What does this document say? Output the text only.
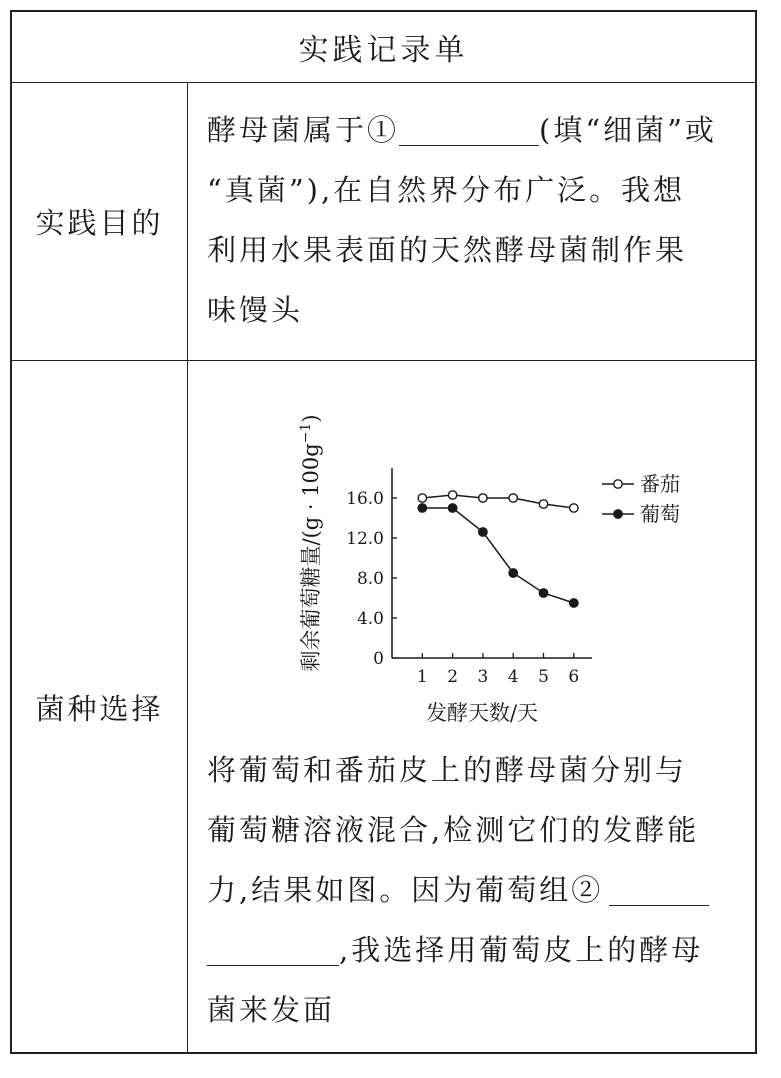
实践记录单
实践目的
酵母菌属于①	(填“细菌”或
“真菌”),在自然界分布广泛。我想
利用水果表面的天然酵母菌制作果
味馒头
菌种选择
0
4.0
8.0
12.0
16.0
1 2 3 4 5 6
发酵天数/天
剩余葡萄糖量$/(g \cdot 100g^{-1})$
番茄
葡萄
将葡萄和番茄皮上的酵母菌分别与
葡萄糖溶液混合,检测它们的发酵能
力,结果如图。因为葡萄组②
,我选择用葡萄皮上的酵母
菌来发面
